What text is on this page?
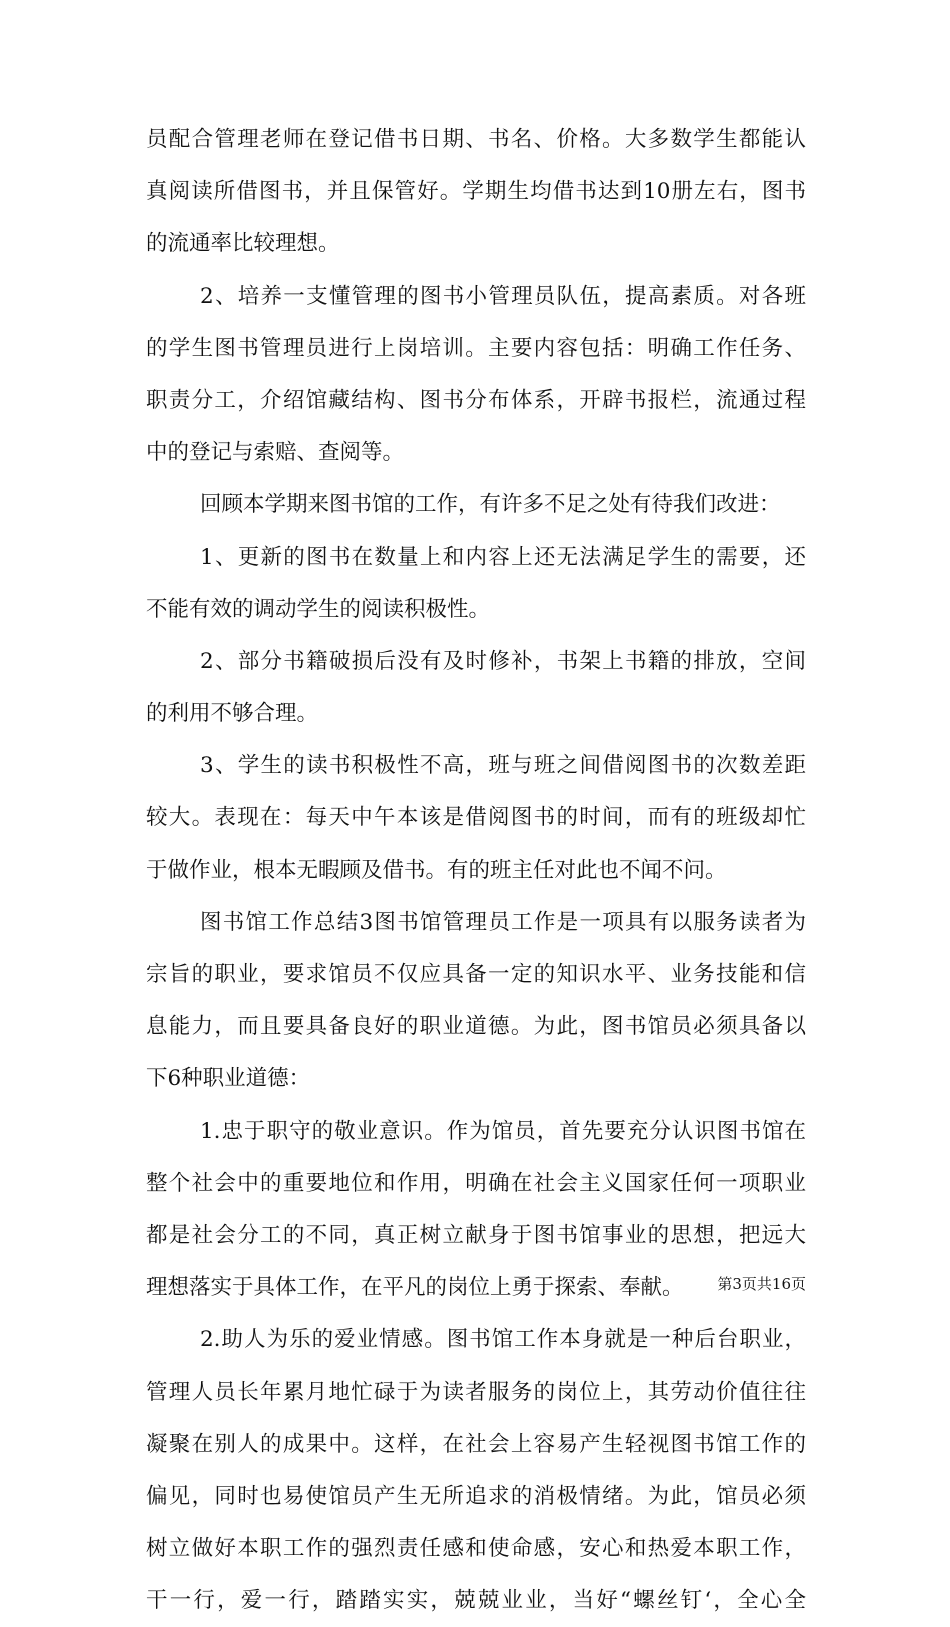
员配合管理老师在登记借书日期、书名、价格。大多数学生都能认
真阅读所借图书，并且保管好。学期生均借书达到10册左右，图书
的流通率比较理想。
2、培养一支懂管理的图书小管理员队伍，提高素质。对各班
的学生图书管理员进行上岗培训。主要内容包括：明确工作任务、
职责分工，介绍馆藏结构、图书分布体系，开辟书报栏，流通过程
中的登记与索赔、查阅等。
回顾本学期来图书馆的工作，有许多不足之处有待我们改进：
1、更新的图书在数量上和内容上还无法满足学生的需要，还
不能有效的调动学生的阅读积极性。
2、部分书籍破损后没有及时修补，书架上书籍的排放，空间
的利用不够合理。
3、学生的读书积极性不高，班与班之间借阅图书的次数差距
较大。表现在：每天中午本该是借阅图书的时间，而有的班级却忙
于做作业，根本无暇顾及借书。有的班主任对此也不闻不问。
图书馆工作总结3图书馆管理员工作是一项具有以服务读者为
宗旨的职业，要求馆员不仅应具备一定的知识水平、业务技能和信
息能力，而且要具备良好的职业道德。为此，图书馆员必须具备以
下6种职业道德：
1.忠于职守的敬业意识。作为馆员，首先要充分认识图书馆在
整个社会中的重要地位和作用，明确在社会主义国家任何一项职业
都是社会分工的不同，真正树立献身于图书馆事业的思想，把远大
理想落实于具体工作，在平凡的岗位上勇于探索、奉献。
2.助人为乐的爱业情感。图书馆工作本身就是一种后台职业，
管理人员长年累月地忙碌于为读者服务的岗位上，其劳动价值往往
凝聚在别人的成果中。这样，在社会上容易产生轻视图书馆工作的
偏见，同时也易使馆员产生无所追求的消极情绪。为此，馆员必须
树立做好本职工作的强烈责任感和使命感，安心和热爱本职工作，
干一行，爱一行，踏踏实实，兢兢业业，当好“螺丝钉‘，全心全
第3页共16页
